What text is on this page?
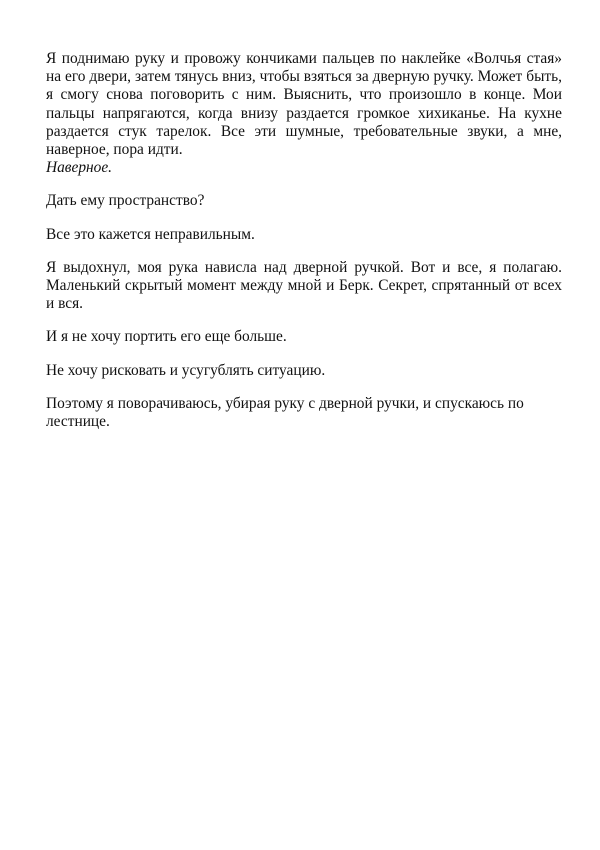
Я поднимаю руку и провожу кончиками пальцев по наклейке «Волчья стая» на его двери, затем тянусь вниз, чтобы взяться за дверную ручку. Может быть, я смогу снова поговорить с ним. Выяснить, что произошло в конце. Мои пальцы напрягаются, когда внизу раздается громкое хихиканье. На кухне раздается стук тарелок. Все эти шумные, требовательные звуки, а мне, наверное, пора идти.
Наверное.

Дать ему пространство?

Все это кажется неправильным.

Я выдохнул, моя рука нависла над дверной ручкой. Вот и все, я полагаю. Маленький скрытый момент между мной и Берк. Секрет, спрятанный от всех и вся.

И я не хочу портить его еще больше.

Не хочу рисковать и усугублять ситуацию.

Поэтому я поворачиваюсь, убирая руку с дверной ручки, и спускаюсь по лестнице.
